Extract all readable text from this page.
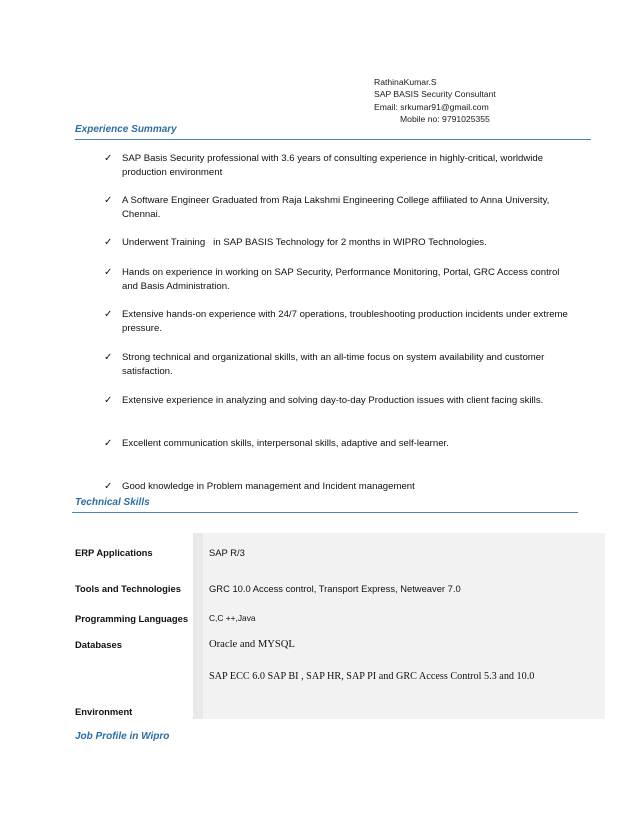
RathinaKumar.S
SAP BASIS Security Consultant
Email: srkumar91@gmail.com
Mobile no: 9791025355
Experience Summary
✓	SAP Basis Security professional with 3.6 years of consulting experience in highly-critical, worldwide production environment
✓	A Software Engineer Graduated from Raja Lakshmi Engineering College affiliated to Anna University, Chennai.
✓	Underwent Training   in SAP BASIS Technology for 2 months in WIPRO Technologies.
✓	Hands on experience in working on SAP Security, Performance Monitoring, Portal, GRC Access control and Basis Administration.
✓	Extensive hands-on experience with 24/7 operations, troubleshooting production incidents under extreme pressure.
✓	Strong technical and organizational skills, with an all-time focus on system availability and customer satisfaction.
✓	Extensive experience in analyzing and solving day-to-day Production issues with client facing skills.
✓	Excellent communication skills, interpersonal skills, adaptive and self-learner.
✓	Good knowledge in Problem management and Incident management
Technical Skills
ERP Applications		SAP R/3
Tools and Technologies		GRC 10.0 Access control, Transport Express, Netweaver 7.0
Programming Languages		C,C ++,Java
Databases		Oracle and MYSQL
Environment		SAP ECC 6.0 SAP BI , SAP HR, SAP PI and GRC Access Control 5.3 and 10.0
Job Profile in Wipro
